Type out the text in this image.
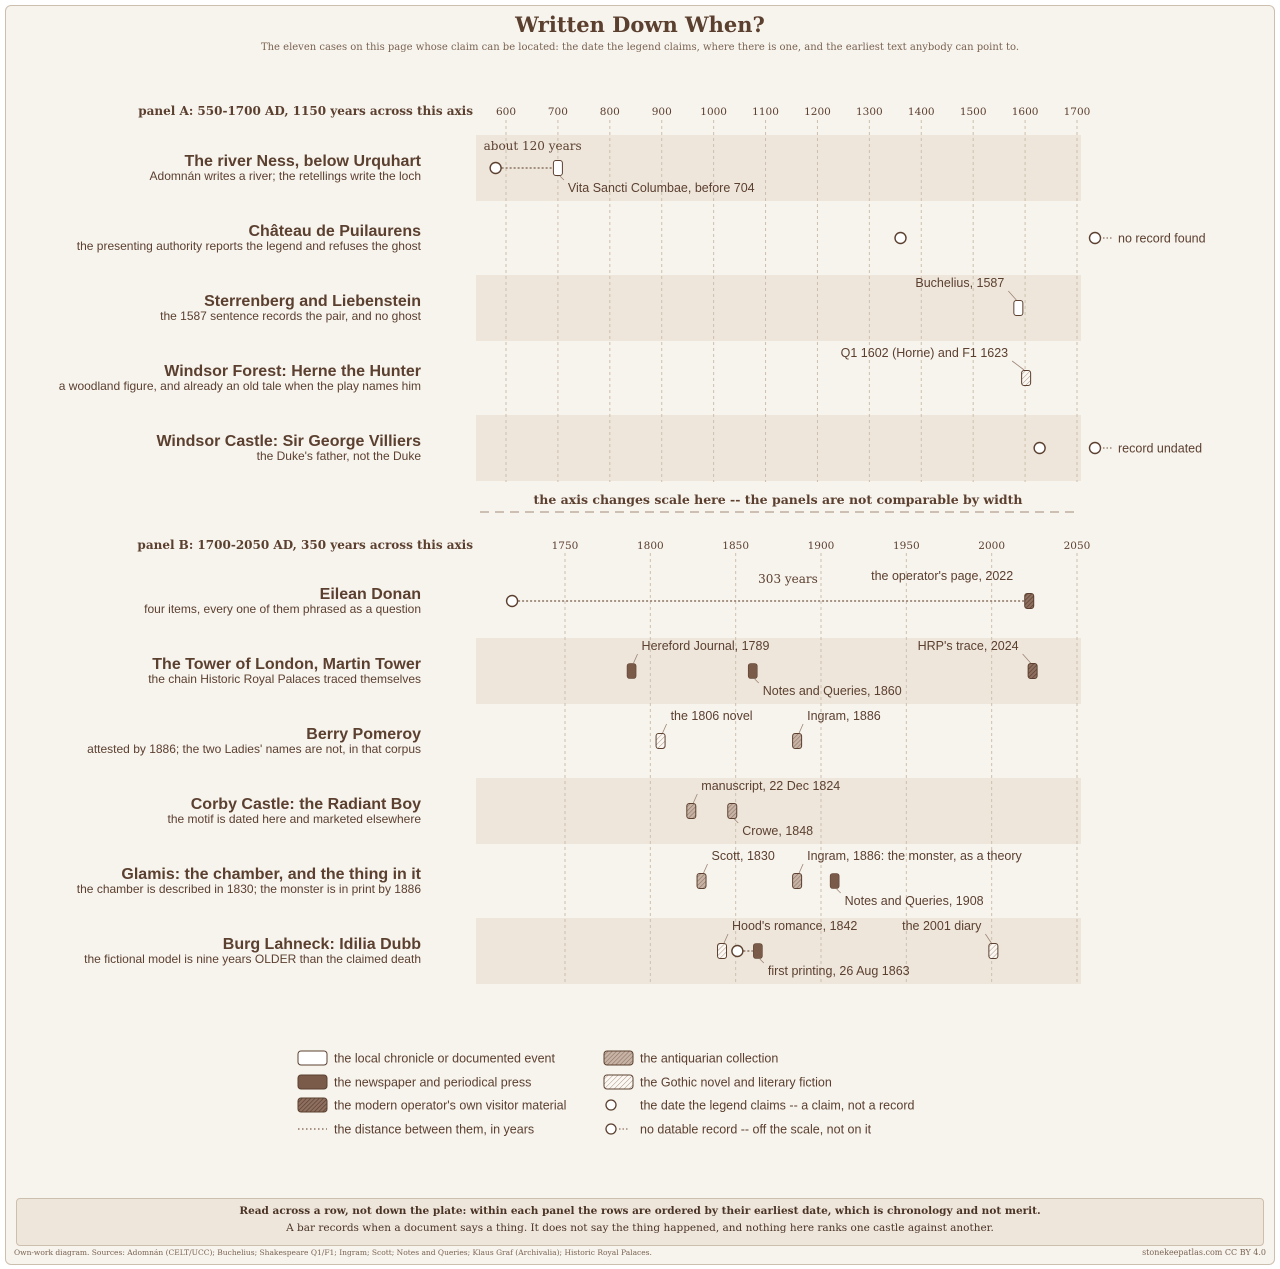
Written Down When?
The eleven cases on this page whose claim can be located: the date the legend claims, where there is one, and the earliest text anybody can point to.
panel A: 550-1700 AD, 1150 years across this axis 600	700	800	900	1000 1100 1200 1300 1400 1500 1600 1700
panel B: 1700-2050 AD, 350 years across this axis	1750	1800	1850	1900	1950	2000	2050
the axis changes scale here -- the panels are not comparable by width
The river Ness, below Urquhart
Adomnán writes a river; the retellings write the loch
Château de Puilaurens
the presenting authority reports the legend and refuses the ghost
Sterrenberg and Liebenstein
the 1587 sentence records the pair, and no ghost
Windsor Forest: Herne the Hunter
a woodland figure, and already an old tale when the play names him
Windsor Castle: Sir George Villiers
the Duke's father, not the Duke
Eilean Donan
four items, every one of them phrased as a question
The Tower of London, Martin Tower
the chain Historic Royal Palaces traced themselves
Berry Pomeroy
attested by 1886; the two Ladies' names are not, in that corpus
Corby Castle: the Radiant Boy
the motif is dated here and marketed elsewhere
Glamis: the chamber, and the thing in it
the chamber is described in 1830; the monster is in print by 1886
Burg Lahneck: Idilia Dubb
the fictional model is nine years OLDER than the claimed death
about 120 years
Vita Sancti Columbae, before 704
no record found
Buchelius, 1587
Q1 1602 (Horne) and F1 1623
record undated
303 years	the operator's page, 2022
Hereford Journal, 1789
Notes and Queries, 1860
HRP's trace, 2024
the 1806 novel	Ingram, 1886
manuscript, 22 Dec 1824
Crowe, 1848
Scott, 1830	Ingram, 1886: the monster, as a theory
Notes and Queries, 1908
Hood's romance, 1842
first printing, 26 Aug 1863
the 2001 diary
the local chronicle or documented event
the newspaper and periodical press
the modern operator's own visitor material
the distance between them, in years
the antiquarian collection
the Gothic novel and literary fiction
the date the legend claims -- a claim, not a record
no datable record -- off the scale, not on it
Read across a row, not down the plate: within each panel the rows are ordered by their earliest date, which is chronology and not merit.
A bar records when a document says a thing. It does not say the thing happened, and nothing here ranks one castle against another.
Own-work diagram. Sources: Adomnán (CELT/UCC); Buchelius; Shakespeare Q1/F1; Ingram; Scott; Notes and Queries; Klaus Graf (Archivalia); Historic Royal Palaces.	stonekeepatlas.com CC BY 4.0
